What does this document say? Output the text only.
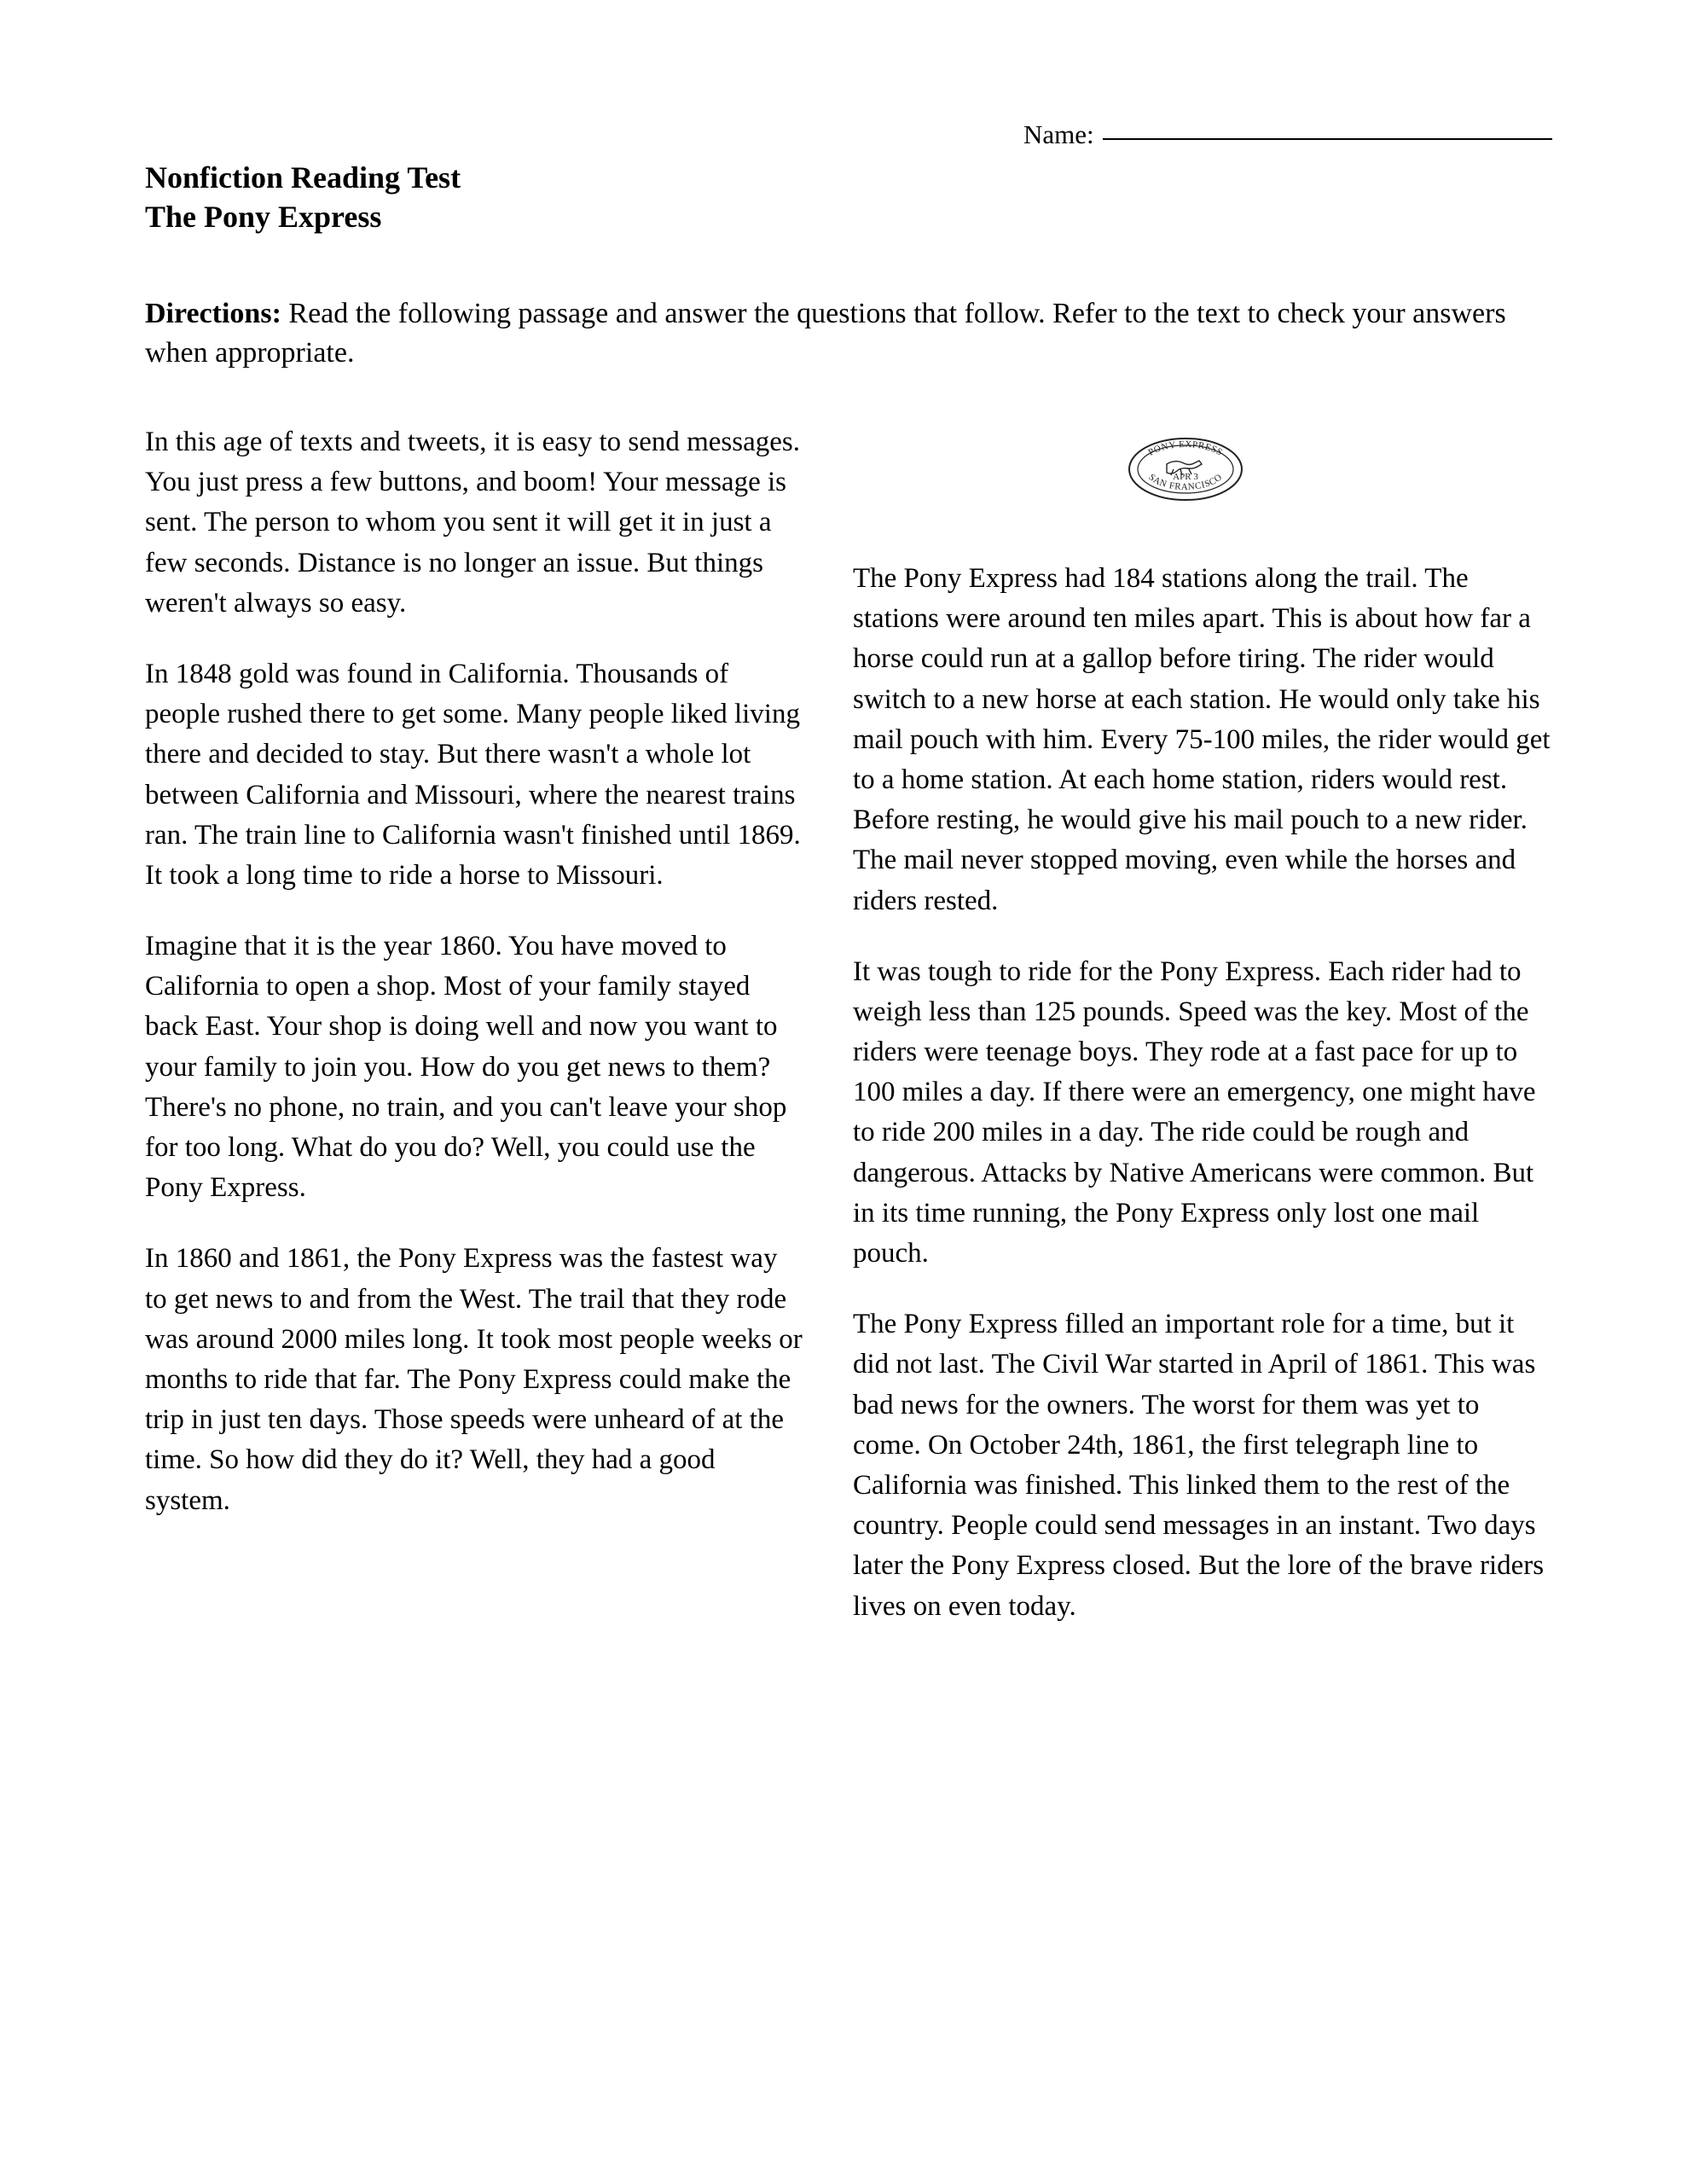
Name:
Nonfiction Reading Test
The Pony Express
Directions: Read the following passage and answer the questions that follow. Refer to the text to check your answers when appropriate.
PONY EXPRESS
SAN FRANCISCO
APR 3

In this age of texts and tweets, it is easy to send messages. You just press a few buttons, and boom! Your message is sent. The person to whom you sent it will get it in just a few seconds. Distance is no longer an issue. But things weren't always so easy.

In 1848 gold was found in California. Thousands of people rushed there to get some. Many people liked living there and decided to stay. But there wasn't a whole lot between California and Missouri, where the nearest trains ran. The train line to California wasn't finished until 1869. It took a long time to ride a horse to Missouri.

Imagine that it is the year 1860. You have moved to California to open a shop. Most of your family stayed back East. Your shop is doing well and now you want to your family to join you. How do you get news to them? There's no phone, no train, and you can't leave your shop for too long. What do you do? Well, you could use the Pony Express.

In 1860 and 1861, the Pony Express was the fastest way to get news to and from the West. The trail that they rode was around 2000 miles long. It took most people weeks or months to ride that far. The Pony Express could make the trip in just ten days. Those speeds were unheard of at the time. So how did they do it? Well, they had a good system.

The Pony Express had 184 stations along the trail. The stations were around ten miles apart. This is about how far a horse could run at a gallop before tiring. The rider would switch to a new horse at each station. He would only take his mail pouch with him. Every 75-100 miles, the rider would get to a home station. At each home station, riders would rest. Before resting, he would give his mail pouch to a new rider. The mail never stopped moving, even while the horses and riders rested.

It was tough to ride for the Pony Express. Each rider had to weigh less than 125 pounds. Speed was the key. Most of the riders were teenage boys. They rode at a fast pace for up to 100 miles a day. If there were an emergency, one might have to ride 200 miles in a day. The ride could be rough and dangerous. Attacks by Native Americans were common. But in its time running, the Pony Express only lost one mail pouch.

The Pony Express filled an important role for a time, but it did not last. The Civil War started in April of 1861. This was bad news for the owners. The worst for them was yet to come. On October 24th, 1861, the first telegraph line to California was finished. This linked them to the rest of the country. People could send messages in an instant. Two days later the Pony Express closed. But the lore of the brave riders lives on even today.
